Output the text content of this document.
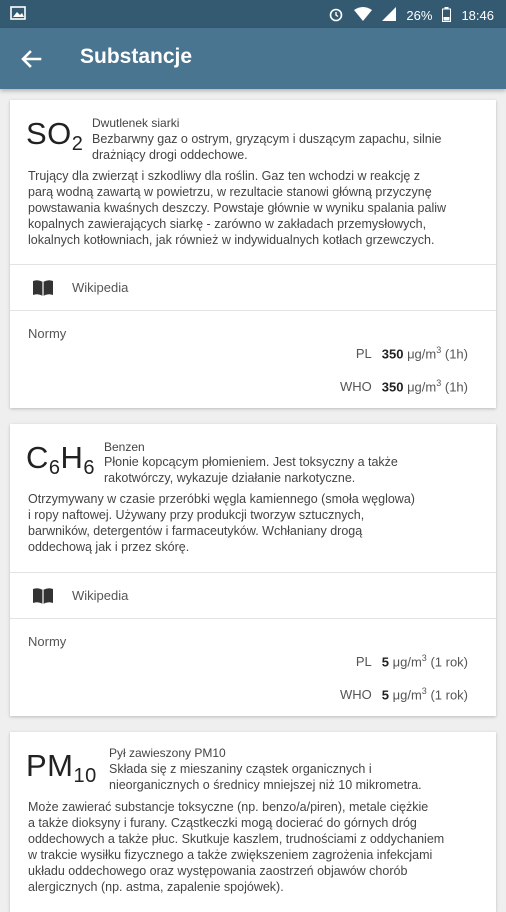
26% 18:46
Substancje
SO2
Dwutlenek siarki
Bezbarwny gaz o ostrym, gryzącym i duszącym zapachu, silnie
drażniący drogi oddechowe.
Trujący dla zwierząt i szkodliwy dla roślin. Gaz ten wchodzi w reakcję z
parą wodną zawartą w powietrzu, w rezultacie stanowi główną przyczynę
powstawania kwaśnych deszczy. Powstaje głównie w wyniku spalania paliw
kopalnych zawierających siarkę - zarówno w zakładach przemysłowych,
lokalnych kotłowniach, jak również w indywidualnych kotłach grzewczych.
Wikipedia
Normy
PL 350 $\mu g/m^3$ (1h)
WHO 350 $\mu g/m^3$ (1h)
C6H6
Benzen
Płonie kopcącym płomieniem. Jest toksyczny a także
rakotwórczy, wykazuje działanie narkotyczne.
Otrzymywany w czasie przeróbki węgla kamiennego (smoła węglowa)
i ropy naftowej. Używany przy produkcji tworzyw sztucznych,
barwników, detergentów i farmaceutyków. Wchłaniany drogą
oddechową jak i przez skórę.
Wikipedia
Normy
PL 5 $\mu g/m^3$ (1 rok)
WHO 5 $\mu g/m^3$ (1 rok)
PM10
Pył zawieszony PM10
Składa się z mieszaniny cząstek organicznych i
nieorganicznych o średnicy mniejszej niż 10 mikrometra.
Może zawierać substancje toksyczne (np. benzo/a/piren), metale ciężkie
a także dioksyny i furany. Cząstkeczki mogą docierać do górnych dróg
oddechowych a także płuc. Skutkuje kaszlem, trudnościami z oddychaniem
w trakcie wysiłku fizycznego a także zwiększeniem zagrożenia infekcjami
układu oddechowego oraz występowania zaostrzeń objawów chorób
alergicznych (np. astma, zapalenie spojówek).
